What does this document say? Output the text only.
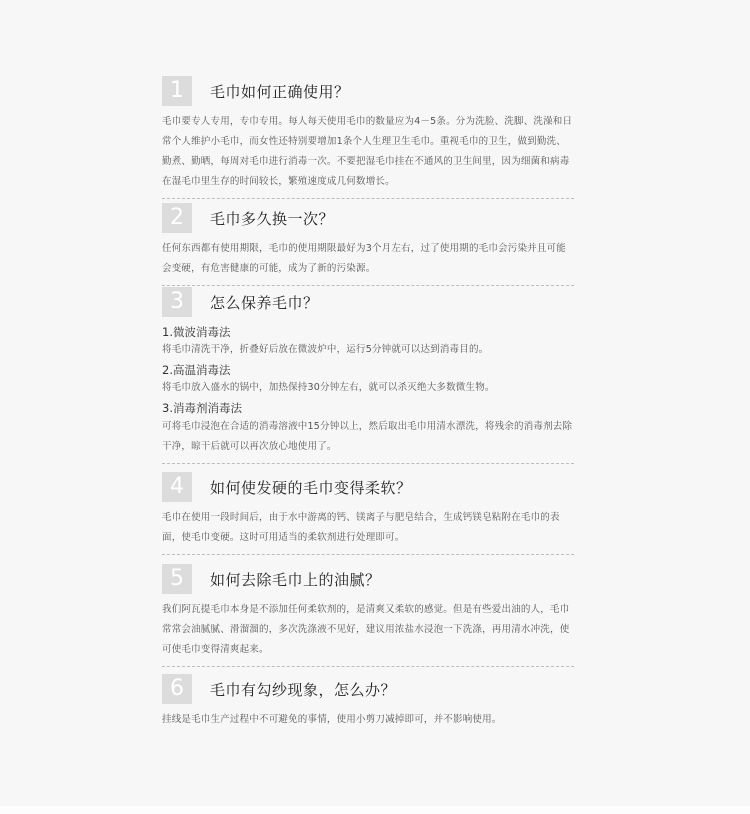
1	毛巾如何正确使用？
毛巾要专人专用，专巾专用。每人每天使用毛巾的数量应为4－5条。分为洗脸、洗脚、洗澡和日常个人维护小毛巾，而女性还特别要增加1条个人生理卫生毛巾。重视毛巾的卫生，做到勤洗、勤煮、勤晒，每周对毛巾进行消毒一次。不要把湿毛巾挂在不通风的卫生间里，因为细菌和病毒在湿毛巾里生存的时间较长，繁殖速度成几何数增长。
2	毛巾多久换一次？
任何东西都有使用期限，毛巾的使用期限最好为3个月左右，过了使用期的毛巾会污染并且可能会变硬，有危害健康的可能，成为了新的污染源。
3	怎么保养毛巾？
1.微波消毒法
将毛巾清洗干净，折叠好后放在微波炉中，运行5分钟就可以达到消毒目的。
2.高温消毒法
将毛巾放入盛水的锅中，加热保持30分钟左右，就可以杀灭绝大多数微生物。
3.消毒剂消毒法
可将毛巾浸泡在合适的消毒溶液中15分钟以上，然后取出毛巾用清水漂洗，将残余的消毒剂去除干净，晾干后就可以再次放心地使用了。
4	如何使发硬的毛巾变得柔软？
毛巾在使用一段时间后，由于水中游离的钙、镁离子与肥皂结合，生成钙镁皂粘附在毛巾的表面，使毛巾变硬。这时可用适当的柔软剂进行处理即可。
5	如何去除毛巾上的油腻？
我们阿瓦提毛巾本身是不添加任何柔软剂的，是清爽又柔软的感觉。但是有些爱出油的人，毛巾常常会油腻腻、滑溜溜的，多次洗涤液不见好，建议用浓盐水浸泡一下洗涤，再用清水冲洗，使可使毛巾变得清爽起来。
6	毛巾有勾纱现象，怎么办？
挂线是毛巾生产过程中不可避免的事情，使用小剪刀减掉即可，并不影响使用。
